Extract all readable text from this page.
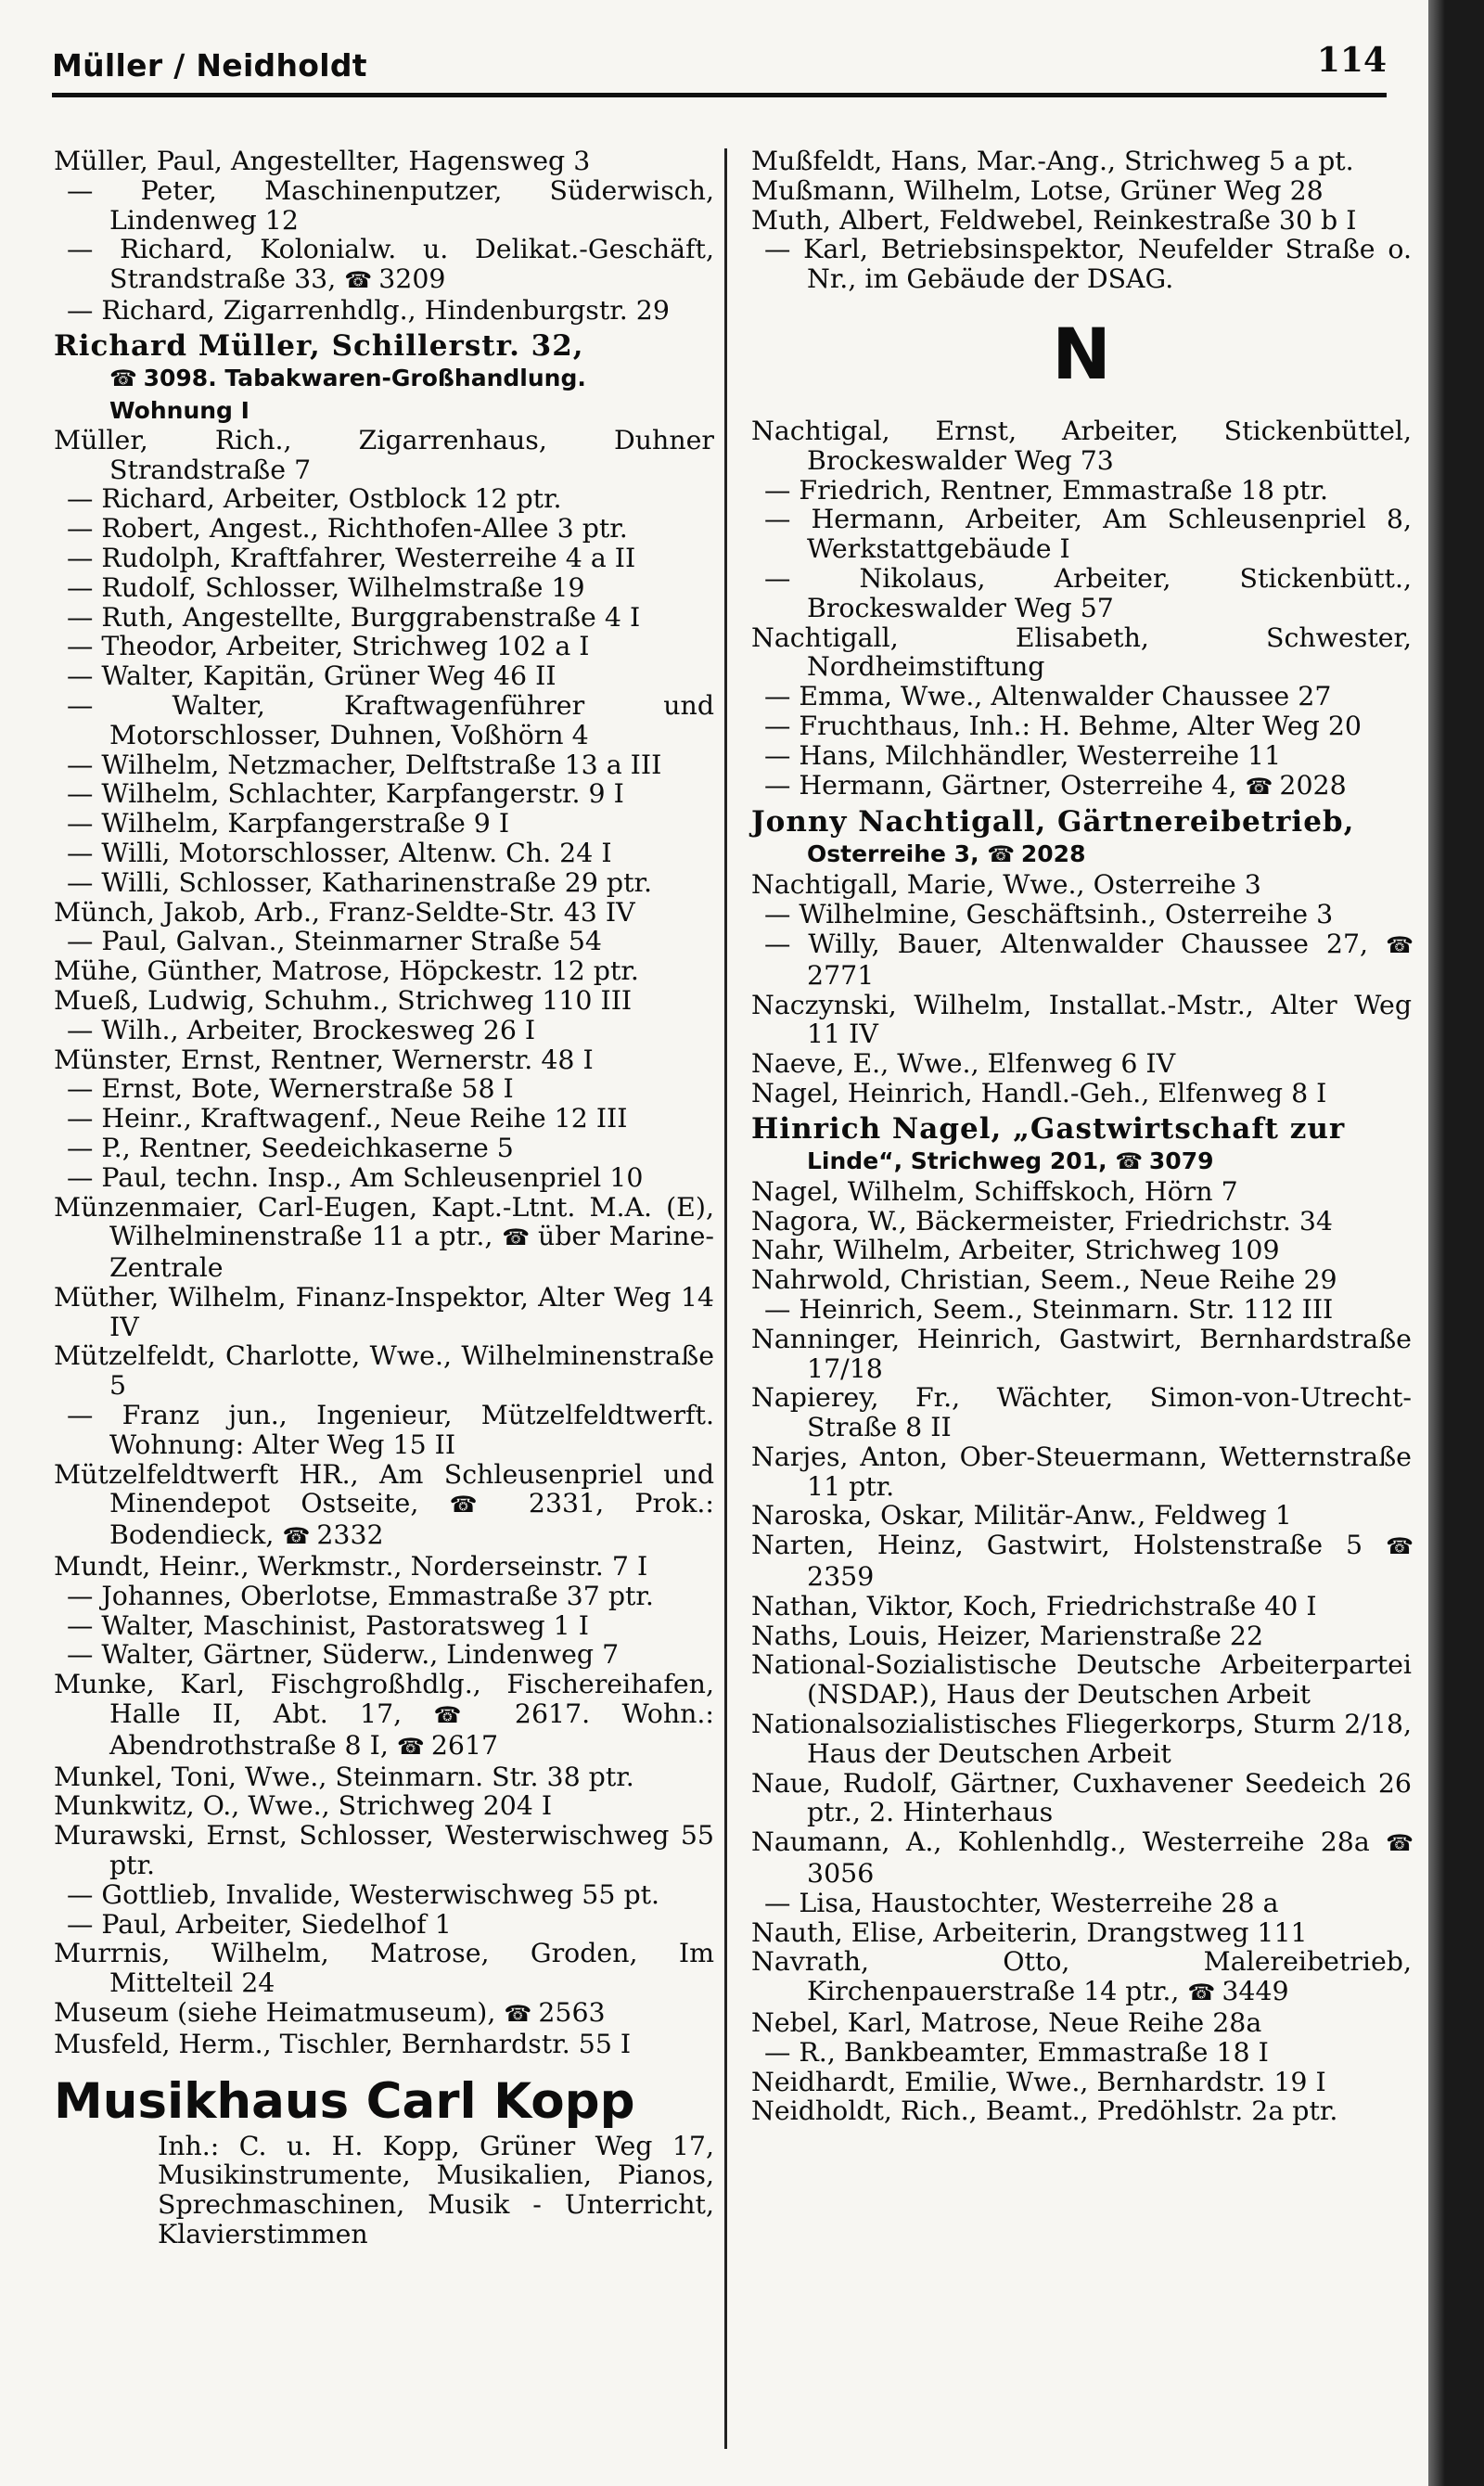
Müller / Neidholdt	114

Müller, Paul, Angestellter, Hagensweg 3

— Peter, Maschinenputzer, Süderwisch, Lindenweg 12

— Richard, Kolonialw. u. Delikat.-Geschäft, Strandstraße 33, ☎ 3209

— Richard, Zigarrenhdlg., Hindenburgstr. 29

Richard Müller, Schillerstr. 32,
☎ 3098. Tabakwaren-Großhandlung.
Wohnung I

Müller, Rich., Zigarrenhaus, Duhner Strandstraße 7

— Richard, Arbeiter, Ostblock 12 ptr.

— Robert, Angest., Richthofen-Allee 3 ptr.

— Rudolph, Kraftfahrer, Westerreihe 4 a II

— Rudolf, Schlosser, Wilhelmstraße 19

— Ruth, Angestellte, Burggrabenstraße 4 I

— Theodor, Arbeiter, Strichweg 102 a I

— Walter, Kapitän, Grüner Weg 46 II

— Walter, Kraftwagenführer und Motorschlosser, Duhnen, Voßhörn 4

— Wilhelm, Netzmacher, Delftstraße 13 a III

— Wilhelm, Schlachter, Karpfangerstr. 9 I

— Wilhelm, Karpfangerstraße 9 I

— Willi, Motorschlosser, Altenw. Ch. 24 I

— Willi, Schlosser, Katharinenstraße 29 ptr.

Münch, Jakob, Arb., Franz-Seldte-Str. 43 IV

— Paul, Galvan., Steinmarner Straße 54

Mühe, Günther, Matrose, Höpckestr. 12 ptr.

Mueß, Ludwig, Schuhm., Strichweg 110 III

— Wilh., Arbeiter, Brockesweg 26 I

Münster, Ernst, Rentner, Wernerstr. 48 I

— Ernst, Bote, Wernerstraße 58 I

— Heinr., Kraftwagenf., Neue Reihe 12 III

— P., Rentner, Seedeichkaserne 5

— Paul, techn. Insp., Am Schleusenpriel 10

Münzenmaier, Carl-Eugen, Kapt.-Ltnt. M.A. (E), Wilhelminenstraße 11 a ptr., ☎ über Marine-Zentrale

Müther, Wilhelm, Finanz-Inspektor, Alter Weg 14 IV

Mützelfeldt, Charlotte, Wwe., Wilhelminenstraße 5

— Franz jun., Ingenieur, Mützelfeldtwerft. Wohnung: Alter Weg 15 II

Mützelfeldtwerft HR., Am Schleusenpriel und Minendepot Ostseite, ☎ 2331, Prok.: Bodendieck, ☎ 2332

Mundt, Heinr., Werkmstr., Norderseinstr. 7 I

— Johannes, Oberlotse, Emmastraße 37 ptr.

— Walter, Maschinist, Pastoratsweg 1 I

— Walter, Gärtner, Süderw., Lindenweg 7

Munke, Karl, Fischgroßhdlg., Fischereihafen, Halle II, Abt. 17, ☎ 2617. Wohn.: Abendrothstraße 8 I, ☎ 2617

Munkel, Toni, Wwe., Steinmarn. Str. 38 ptr.

Munkwitz, O., Wwe., Strichweg 204 I

Murawski, Ernst, Schlosser, Westerwischweg 55 ptr.

— Gottlieb, Invalide, Westerwischweg 55 pt.

— Paul, Arbeiter, Siedelhof 1

Murrnis, Wilhelm, Matrose, Groden, Im Mittelteil 24

Museum (siehe Heimatmuseum), ☎ 2563

Musfeld, Herm., Tischler, Bernhardstr. 55 I

Musikhaus Carl Kopp

Inh.: C. u. H. Kopp, Grüner Weg 17, Musikinstrumente, Musikalien, Pianos, Sprechmaschinen, Musik - Unterricht, Klavierstimmen

Mußfeldt, Hans, Mar.-Ang., Strichweg 5 a pt.

Mußmann, Wilhelm, Lotse, Grüner Weg 28

Muth, Albert, Feldwebel, Reinkestraße 30 b I

— Karl, Betriebsinspektor, Neufelder Straße o. Nr., im Gebäude der DSAG.

N

Nachtigal, Ernst, Arbeiter, Stickenbüttel, Brockeswalder Weg 73

— Friedrich, Rentner, Emmastraße 18 ptr.

— Hermann, Arbeiter, Am Schleusenpriel 8, Werkstattgebäude I

— Nikolaus, Arbeiter, Stickenbütt., Brockeswalder Weg 57

Nachtigall, Elisabeth, Schwester, Nordheimstiftung

— Emma, Wwe., Altenwalder Chaussee 27

— Fruchthaus, Inh.: H. Behme, Alter Weg 20

— Hans, Milchhändler, Westerreihe 11

— Hermann, Gärtner, Osterreihe 4, ☎ 2028

Jonny Nachtigall, Gärtnereibetrieb,
Osterreihe 3, ☎ 2028

Nachtigall, Marie, Wwe., Osterreihe 3

— Wilhelmine, Geschäftsinh., Osterreihe 3

— Willy, Bauer, Altenwalder Chaussee 27, ☎ 2771

Naczynski, Wilhelm, Installat.-Mstr., Alter Weg 11 IV

Naeve, E., Wwe., Elfenweg 6 IV

Nagel, Heinrich, Handl.-Geh., Elfenweg 8 I

Hinrich Nagel, „Gastwirtschaft zur
Linde“, Strichweg 201, ☎ 3079

Nagel, Wilhelm, Schiffskoch, Hörn 7

Nagora, W., Bäckermeister, Friedrichstr. 34

Nahr, Wilhelm, Arbeiter, Strichweg 109

Nahrwold, Christian, Seem., Neue Reihe 29

— Heinrich, Seem., Steinmarn. Str. 112 III

Nanninger, Heinrich, Gastwirt, Bernhardstraße 17/18

Napierey, Fr., Wächter, Simon-von-Utrecht-Straße 8 II

Narjes, Anton, Ober-Steuermann, Wetternstraße 11 ptr.

Naroska, Oskar, Militär-Anw., Feldweg 1

Narten, Heinz, Gastwirt, Holstenstraße 5 ☎ 2359

Nathan, Viktor, Koch, Friedrichstraße 40 I

Naths, Louis, Heizer, Marienstraße 22

National-Sozialistische Deutsche Arbeiterpartei (NSDAP.), Haus der Deutschen Arbeit

Nationalsozialistisches Fliegerkorps, Sturm 2/18, Haus der Deutschen Arbeit

Naue, Rudolf, Gärtner, Cuxhavener Seedeich 26 ptr., 2. Hinterhaus

Naumann, A., Kohlenhdlg., Westerreihe 28a ☎ 3056

— Lisa, Haustochter, Westerreihe 28 a

Nauth, Elise, Arbeiterin, Drangstweg 111

Navrath, Otto, Malereibetrieb, Kirchenpauerstraße 14 ptr., ☎ 3449

Nebel, Karl, Matrose, Neue Reihe 28a

— R., Bankbeamter, Emmastraße 18 I

Neidhardt, Emilie, Wwe., Bernhardstr. 19 I

Neidholdt, Rich., Beamt., Predöhlstr. 2a ptr.
